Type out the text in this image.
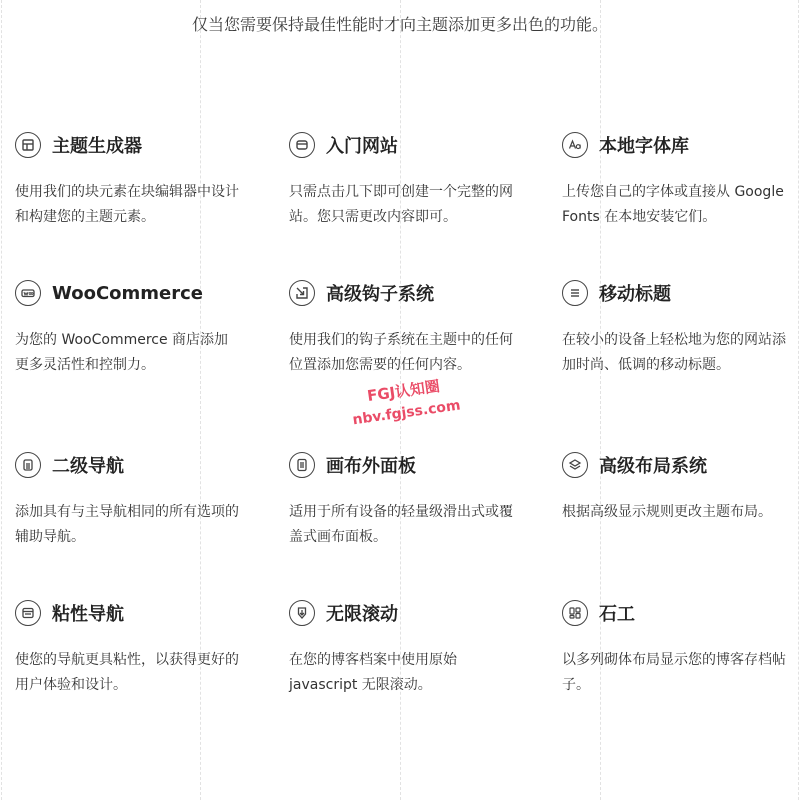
仅当您需要保持最佳性能时才向主题添加更多出色的功能。
主题生成器
使用我们的块元素在块编辑器中设计和构建您的主题元素。
入门网站
只需点击几下即可创建一个完整的网站。您只需更改内容即可。
本地字体库
上传您自己的字体或直接从 Google Fonts 在本地安装它们。
WooCommerce
为您的 WooCommerce 商店添加更多灵活性和控制力。
高级钩子系统
使用我们的钩子系统在主题中的任何位置添加您需要的任何内容。
移动标题
在较小的设备上轻松地为您的网站添加时尚、低调的移动标题。
二级导航
添加具有与主导航相同的所有选项的辅助导航。
画布外面板
适用于所有设备的轻量级滑出式或覆盖式画布面板。
高级布局系统
根据高级显示规则更改主题布局。
粘性导航
使您的导航更具粘性，以获得更好的用户体验和设计。
无限滚动
在您的博客档案中使用原始 javascript 无限滚动。
石工
以多列砌体布局显示您的博客存档帖子。
FGJ认知圈
nbv.fgjss.com
